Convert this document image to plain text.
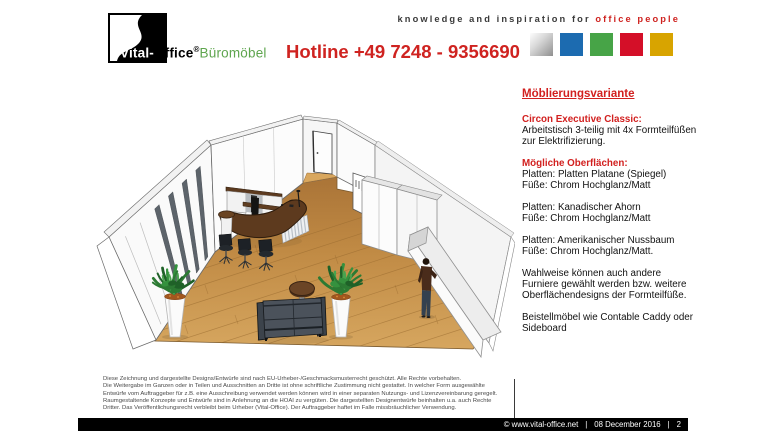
Vital-Office®Büromöbel Hotline +49 7248 - 9356690
knowledge and inspiration for office people
Möblierungsvariante
Circon Executive Classic:
Arbeitstisch 3-teilig mit 4x Formteilfüßen
zur Elektrifizierung.
Mögliche Oberflächen:
Platten: Platten Platane (Spiegel)
Füße: Chrom Hochglanz/Matt
Platten: Kanadischer Ahorn
Füße: Chrom Hochglanz/Matt
Platten: Amerikanischer Nussbaum
Füße: Chrom Hochglanz/Matt.
Wahlweise können auch andere
Furniere gewählt werden bzw. weitere
Oberflächendesigns der Formteilfüße.
Beistellmöbel wie Contable Caddy oder
Sideboard
Diese Zeichnung und dargestellte Designs/Entwürfe sind nach EU-Urheber-/Geschmacksmusterrecht geschützt. Alle Rechte vorbehalten.
Die Weitergabe im Ganzen oder in Teilen und Ausschnitten an Dritte ist ohne schriftliche Zustimmung nicht gestattet. In welcher Form ausgewählte
Entwürfe vom Auftraggeber für z.B. eine Ausschreibung verwendet werden können wird in einer separaten Nutzungs- und Lizenzvereinbarung geregelt.
Raumgestaltende Konzepte und Entwürfe sind in Anlehnung an die HOAI zu vergüten. Die dargestellten Designentwürfe beinhalten u.a. auch Rechte
Dritter. Das Veröffentlichungsrecht verbleibt beim Urheber (Vital-Office). Der Auftraggeber haftet im Falle missbräuchlicher Verwendung.
© www.vital-office.net | 08 December 2016 | 2
